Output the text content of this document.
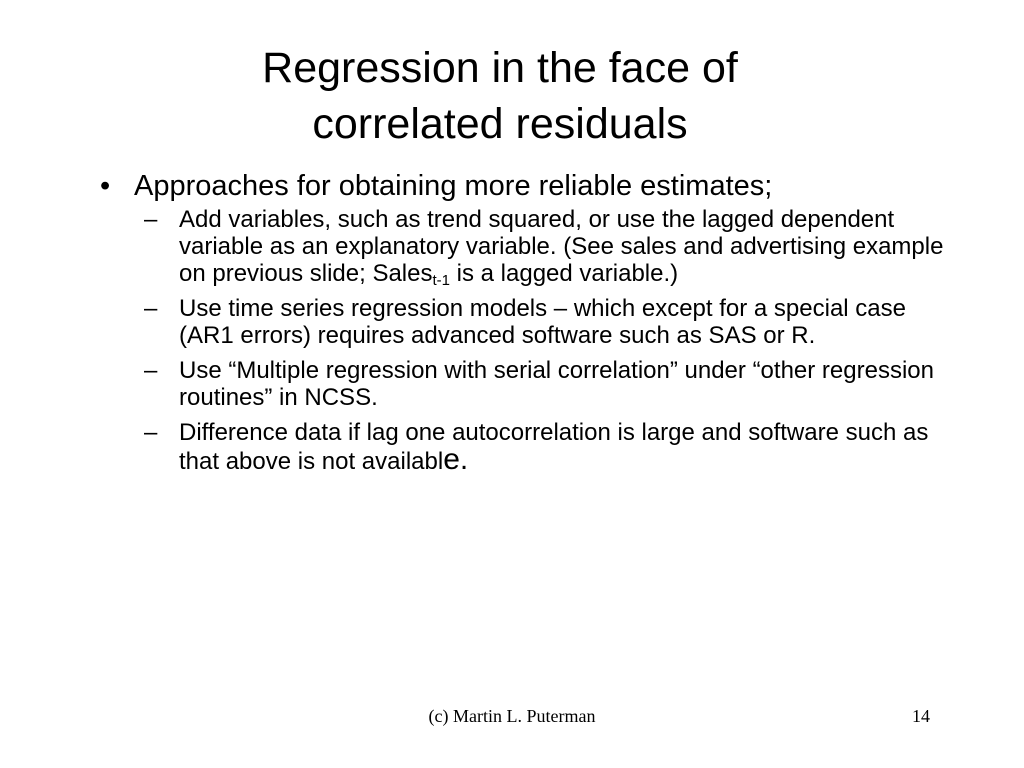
Regression in the face of
correlated residuals
• Approaches for obtaining more reliable estimates;
– Add variables, such as trend squared, or use the lagged dependent variable as an explanatory variable. (See sales and advertising example on previous slide; Sales$_{t-1}$ is a lagged variable.)
– Use time series regression models – which except for a special case (AR1 errors) requires advanced software such as SAS or R.
– Use “Multiple regression with serial correlation” under “other regression routines” in NCSS.
– Difference data if lag one autocorrelation is large and software such as that above is not available.
(c) Martin L. Puterman	14
